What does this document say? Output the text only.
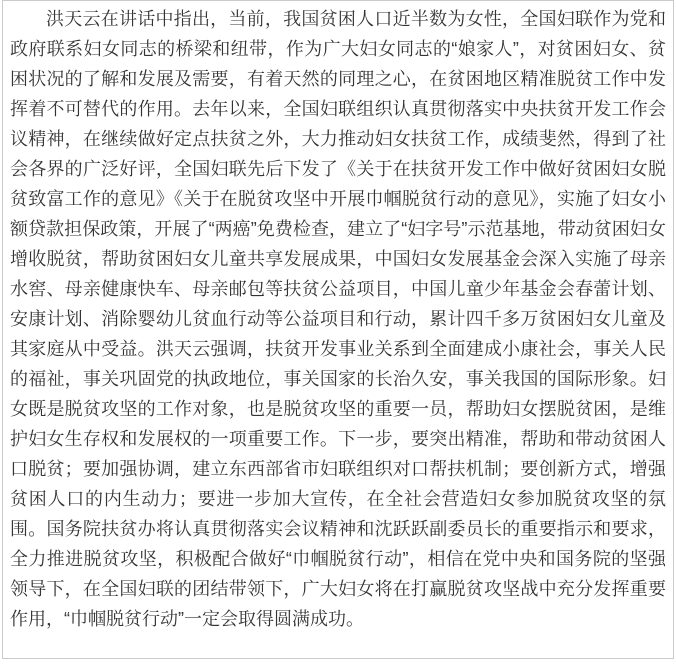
洪天云在讲话中指出，当前，我国贫困人口近半数为女性，全国妇联作为党和政府联系妇女同志的桥梁和纽带，作为广大妇女同志的“娘家人”，对贫困妇女、贫困状况的了解和发展及需要，有着天然的同理之心，在贫困地区精准脱贫工作中发挥着不可替代的作用。去年以来，全国妇联组织认真贯彻落实中央扶贫开发工作会议精神，在继续做好定点扶贫之外，大力推动妇女扶贫工作，成绩斐然，得到了社会各界的广泛好评，全国妇联先后下发了《关于在扶贫开发工作中做好贫困妇女脱贫致富工作的意见》《关于在脱贫攻坚中开展巾帼脱贫行动的意见》，实施了妇女小额贷款担保政策，开展了“两癌”免费检查，建立了“妇字号”示范基地，带动贫困妇女增收脱贫，帮助贫困妇女儿童共享发展成果，中国妇女发展基金会深入实施了母亲水窖、母亲健康快车、母亲邮包等扶贫公益项目，中国儿童少年基金会春蕾计划、安康计划、消除婴幼儿贫血行动等公益项目和行动，累计四千多万贫困妇女儿童及其家庭从中受益。洪天云强调，扶贫开发事业关系到全面建成小康社会，事关人民的福祉，事关巩固党的执政地位，事关国家的长治久安，事关我国的国际形象。妇女既是脱贫攻坚的工作对象，也是脱贫攻坚的重要一员，帮助妇女摆脱贫困，是维护妇女生存权和发展权的一项重要工作。下一步，要突出精准，帮助和带动贫困人口脱贫；要加强协调，建立东西部省市妇联组织对口帮扶机制；要创新方式，增强贫困人口的内生动力；要进一步加大宣传，在全社会营造妇女参加脱贫攻坚的氛围。国务院扶贫办将认真贯彻落实会议精神和沈跃跃副委员长的重要指示和要求，全力推进脱贫攻坚，积极配合做好“巾帼脱贫行动”，相信在党中央和国务院的坚强领导下，在全国妇联的团结带领下，广大妇女将在打赢脱贫攻坚战中充分发挥重要作用，“巾帼脱贫行动”一定会取得圆满成功。
